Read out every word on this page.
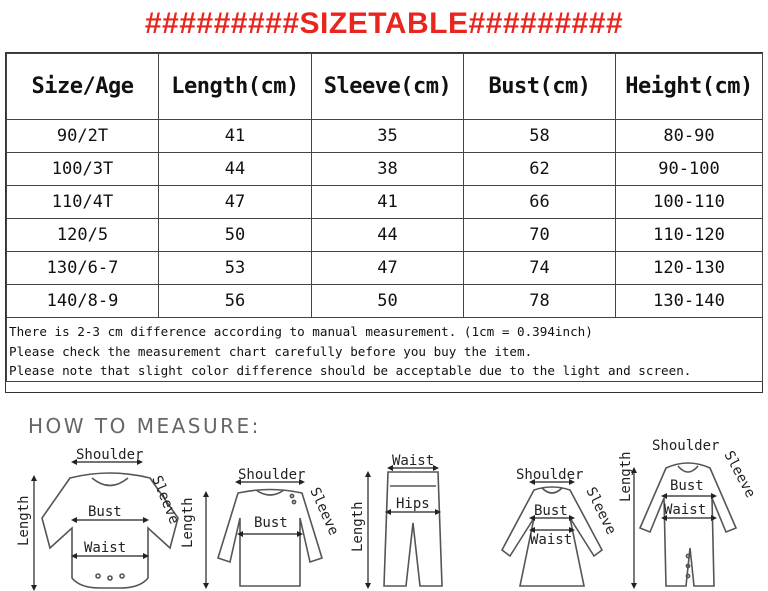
#########SIZETABLE#########
Size/Age	Length(cm)	Sleeve(cm)	Bust(cm)	Height(cm)
90/2T	41	35	58	80-90
100/3T	44	38	62	90-100
110/4T	47	41	66	100-110
120/5	50	44	70	110-120
130/6-7	53	47	74	120-130
140/8-9	56	50	78	130-140

There is 2-3 cm difference according to manual measurement. (1cm = 0.394inch)
Please check the measurement chart carefully before you buy the item.
Please note that slight color difference should be acceptable due to the light and screen.				
HOW TO MEASURE:
Shoulder
Bust
Waist
Length	Sleeve	Shoulder
Bust
Length	Sleeve
Waist
Hips
Length
Shoulder
Bust
Waist
Sleeve
Length
Shoulder
Bust
Waist
Sleeve
